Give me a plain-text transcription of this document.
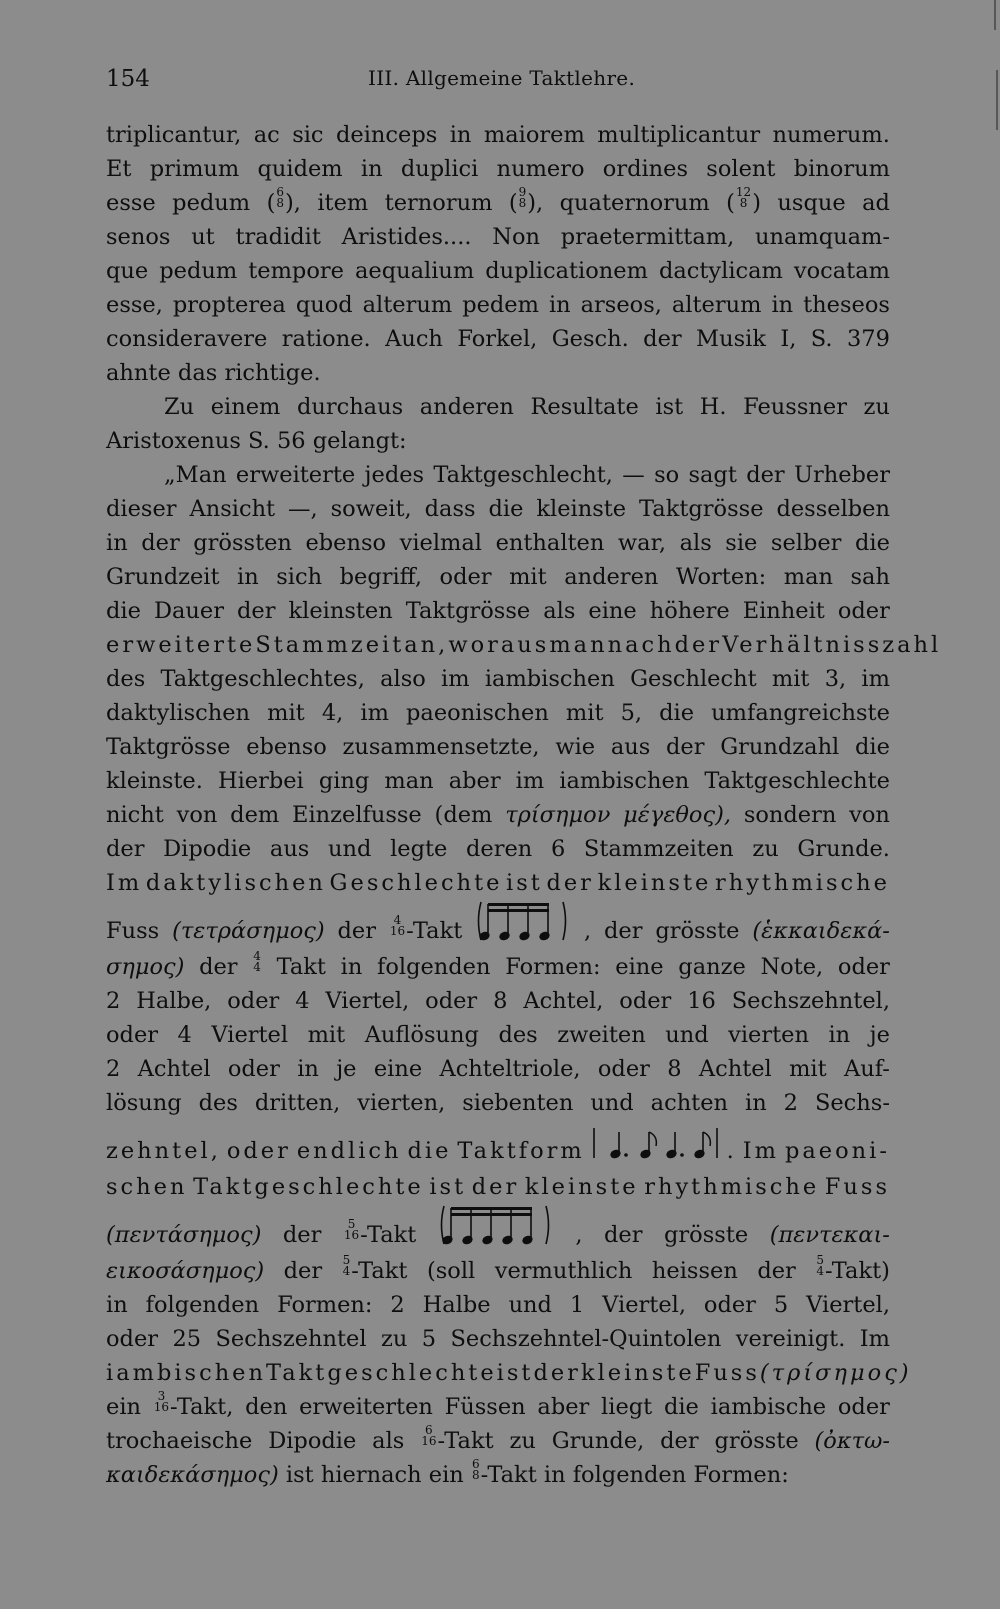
154	III. Allgemeine Taktlehre.
triplicantur, ac sic deinceps in maiorem multiplicantur numerum.
Et primum quidem in duplici numero ordines solent binorum
esse pedum ( 6
8 ), item ternorum ( 9
8 ), quaternorum ( 12
8 ) usque ad
senos ut tradidit Aristides.... Non praetermittam, unamquam-
que pedum tempore aequalium duplicationem dactylicam vocatam
esse, propterea quod alterum pedem in arseos, alterum in theseos
consideravere ratione. Auch Forkel, Gesch. der Musik I, S. 379
ahnte
das
richtige.
Zu einem durchaus anderen Resultate ist H. Feussner zu
Aristoxenus
S.
56
gelangt:
„Man erweiterte jedes Taktgeschlecht, — so sagt der Urheber
dieser Ansicht —, soweit, dass die kleinste Taktgrösse desselben
in der grössten ebenso vielmal enthalten war, als sie selber die
Grundzeit in sich begriff, oder mit anderen Worten: man sah
die Dauer der kleinsten Taktgrösse als eine höhere Einheit oder
erweiterte Stammzeit an, woraus man nach der Verhältnisszahl
des Taktgeschlechtes, also im iambischen Geschlecht mit 3, im
daktylischen mit 4, im paeonischen mit 5, die umfangreichste
Taktgrösse ebenso zusammensetzte, wie aus der Grundzahl die
kleinste. Hierbei ging man aber im iambischen Taktgeschlechte
nicht von dem Einzelfusse (dem τρίσημον μέγεθος), sondern von
der Dipodie aus und legte deren 6 Stammzeiten zu Grunde.
Im daktylischen Geschlechte ist der kleinste rhythmische
Fuss (τετράσημος) der	4
16 -Takt	, der grösste (ἑκκαιδεκά-
σημος) der 4
4 Takt in folgenden Formen: eine ganze Note, oder
2 Halbe, oder 4 Viertel, oder 8 Achtel, oder 16 Sechszehntel,
oder 4 Viertel mit Auflösung des zweiten und vierten in je
2 Achtel oder in je eine Achteltriole, oder 8 Achtel mit Auf-
lösung des dritten, vierten, siebenten und achten in 2 Sechs-
zehntel, oder endlich die Taktform	. Im paeoni-
schen Taktgeschlechte ist der kleinste rhythmische Fuss
(πεντάσημος) der	5
16 -Takt	, der grösste (πεντεκαι-
εικοσάσημος) der 5
4 -Takt (soll vermuthlich heissen der 5
4 -Takt)
in folgenden Formen: 2 Halbe und 1 Viertel, oder 5 Viertel,
oder 25 Sechszehntel zu 5 Sechszehntel-Quintolen vereinigt. Im
iambischen Taktgeschlechte ist der kleinste Fuss (τρίσημος)
ein	3
16 -Takt, den erweiterten Füssen aber liegt die iambische oder
trochaeische Dipodie als	6
16 -Takt zu Grunde, der grösste (ὀκτω-
καιδεκάσημος)
ist
hiernach
ein
6
8 -Takt
in
folgenden
Formen:
